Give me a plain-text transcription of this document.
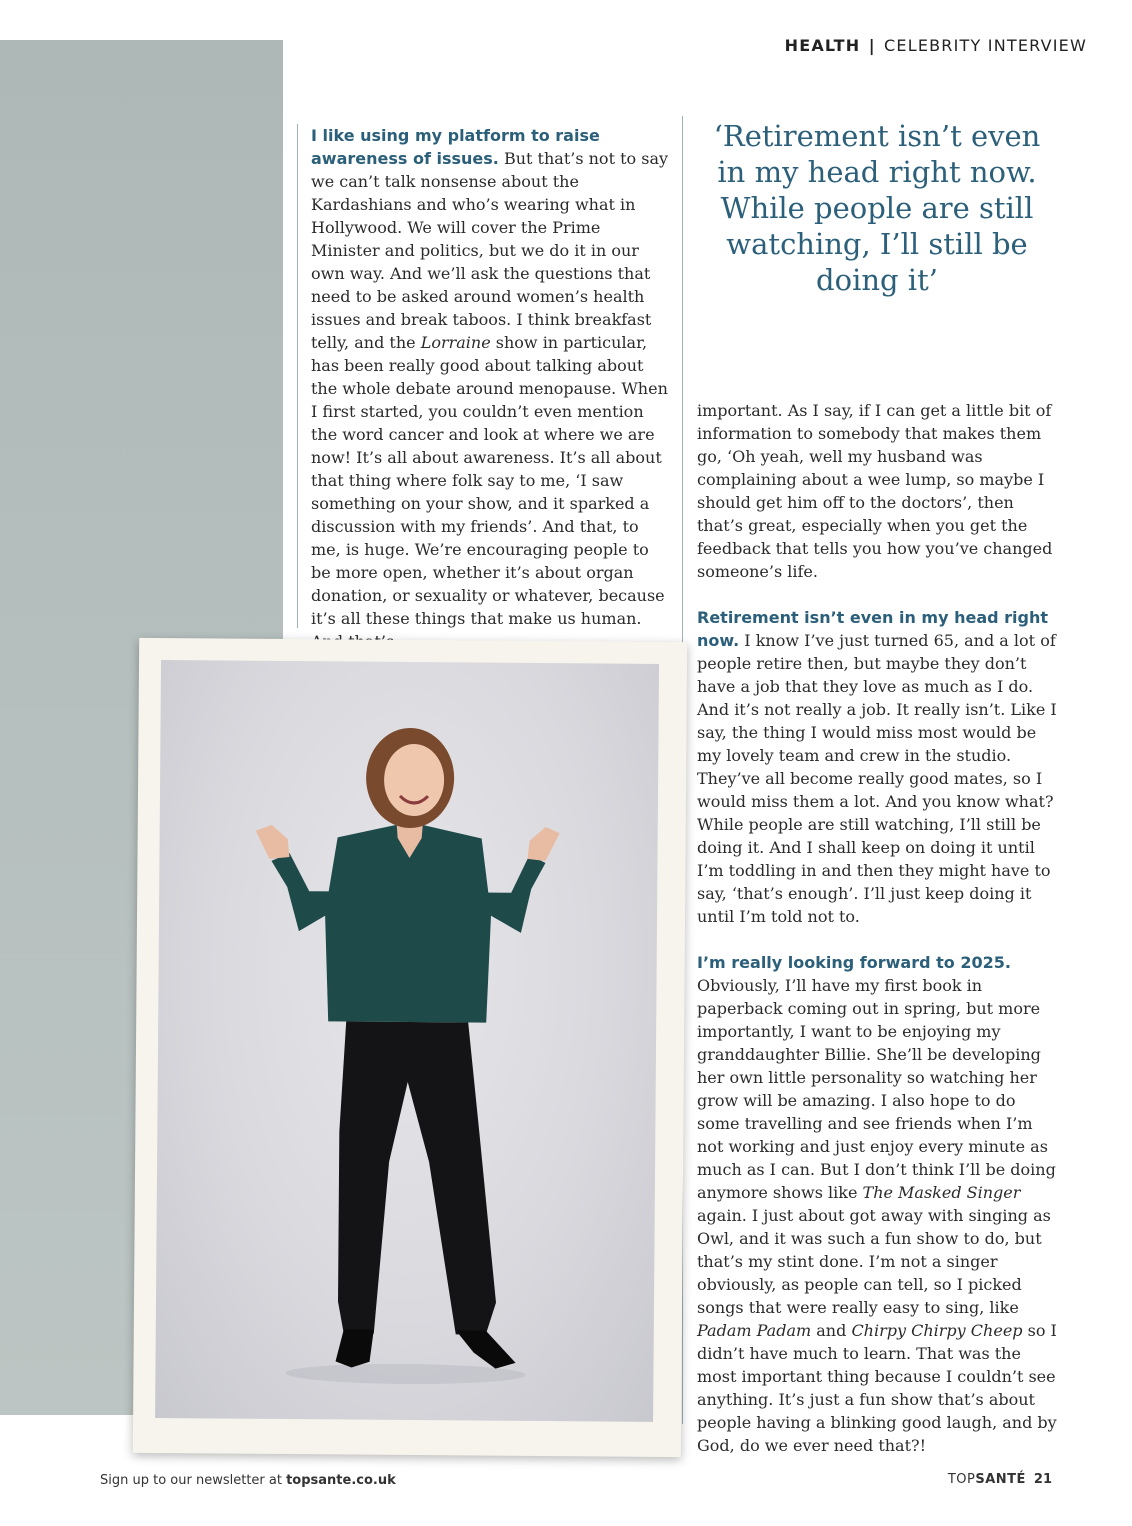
HEALTH | CELEBRITY INTERVIEW

I like using my platform to raise awareness of issues. But that’s not to say we can’t talk nonsense about the Kardashians and who’s wearing what in Hollywood. We will cover the Prime Minister and politics, but we do it in our own way. And we’ll ask the questions that need to be asked around women’s health issues and break taboos. I think breakfast telly, and the Lorraine show in particular, has been really good about talking about the whole debate around menopause. When I first started, you couldn’t even mention the word cancer and look at where we are now! It’s all about awareness. It’s all about that thing where folk say to me, ‘I saw something on your show, and it sparked a discussion with my friends’. And that, to me, is huge. We’re encouraging people to be more open, whether it’s about organ donation, or sexuality or whatever, because it’s all these things that make us human.

‘Retirement isn’t even in my head right now. While people are still watching, I’ll still be doing it’

important. As I say, if I can get a little bit of information to somebody that makes them go, ‘Oh yeah, well my husband was complaining about a wee lump, so maybe I should get him off to the doctors’, then that’s great, especially when you get the feedback that tells you how you’ve changed someone’s life.

Retirement isn’t even in my head right now. I know I’ve just turned 65, and a lot of people retire then, but maybe they don’t have a job that they love as much as I do. And it’s not really a job. It really isn’t. Like I say, the thing I would miss most would be my lovely team and crew in the studio. They’ve all become really good mates, so I would miss them a lot. And you know what? While people are still watching, I’ll still be doing it. And I shall keep on doing it until I’m toddling in and then they might have to say, ‘that’s enough’. I’ll just keep doing it until I’m told not to.

I’m really looking forward to 2025. Obviously, I’ll have my first book in paperback coming out in spring, but more importantly, I want to be enjoying my granddaughter Billie. She’ll be developing her own little personality so watching her grow will be amazing. I also hope to do some travelling and see friends when I’m not working and just enjoy every minute as much as I can. But I don’t think I’ll be doing anymore shows like The Masked Singer again. I just about got away with singing as Owl, and it was such a fun show to do, but that’s my stint done. I’m not a singer obviously, as people can tell, so I picked songs that were really easy to sing, like Padam Padam and Chirpy Chirpy Cheep so I didn’t have much to learn. That was the most important thing because I couldn’t see anything. It’s just a fun show that’s about people having a blinking good laugh, and by God, do we ever need that?!

Sign up to our newsletter at topsante.co.uk	TOPSANTÉ 21
